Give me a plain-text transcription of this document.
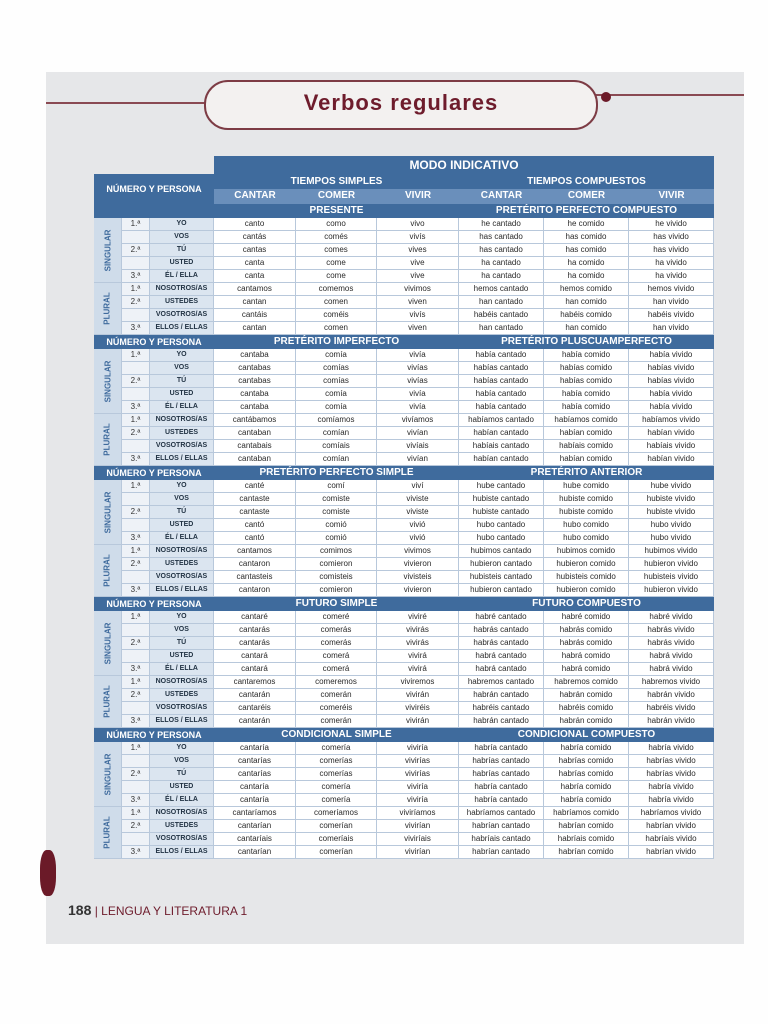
Verbos regulares
MODO INDICATIVO
NÚMERO Y PERSONA
TIEMPOS SIMPLES
CANTAR	COMER	VIVIR
TIEMPOS COMPUESTOS
CANTAR	COMER	VIVIR
PRESENTE	PRETÉRITO PERFECTO COMPUESTO
SINGULAR
PLURAL
1.ª	YO	canto	como	vivo	he cantado	he comido	he vivido
VOS	cantás	comés	vivís	has cantado	has comido	has vivido
2.ª	TÚ	cantas	comes	vives	has cantado	has comido	has vivido
USTED	canta	come	vive	ha cantado	ha comido	ha vivido
3.ª	ÉL / ELLA	canta	come	vive	ha cantado	ha comido	ha vivido
1.ª	NOSOTROS/AS	cantamos	comemos	vivimos	hemos cantado	hemos comido	hemos vivido
2.ª	USTEDES	cantan	comen	viven	han cantado	han comido	han vivido
VOSOTROS/AS	cantáis	coméis	vivís	habéis cantado	habéis comido	habéis vivido
3.ª	ELLOS / ELLAS	cantan	comen	viven	han cantado	han comido	han vivido
NÚMERO Y PERSONA	PRETÉRITO IMPERFECTO	PRETÉRITO PLUSCUAMPERFECTO
SINGULAR
PLURAL
1.ª	YO	cantaba	comía	vivía	había cantado	había comido	había vivido
VOS	cantabas	comías	vivías	habías cantado	habías comido	habías vivido
2.ª	TÚ	cantabas	comías	vivías	habías cantado	habías comido	habías vivido
USTED	cantaba	comía	vivía	había cantado	había comido	había vivido
3.ª	ÉL / ELLA	cantaba	comía	vivía	había cantado	había comido	había vivido
1.ª	NOSOTROS/AS	cantábamos	comíamos	vivíamos	habíamos cantado	habíamos comido	habíamos vivido
2.ª	USTEDES	cantaban	comían	vivían	habían cantado	habían comido	habían vivido
VOSOTROS/AS	cantabais	comíais	vivíais	habíais cantado	habíais comido	habíais vivido
3.ª	ELLOS / ELLAS	cantaban	comían	vivían	habían cantado	habían comido	habían vivido
NÚMERO Y PERSONA	PRETÉRITO PERFECTO SIMPLE	PRETÉRITO ANTERIOR
SINGULAR
PLURAL
1.ª	YO	canté	comí	viví	hube cantado	hube comido	hube vivido
VOS	cantaste	comiste	viviste	hubiste cantado	hubiste comido	hubiste vivido
2.ª	TÚ	cantaste	comiste	viviste	hubiste cantado	hubiste comido	hubiste vivido
USTED	cantó	comió	vivió	hubo cantado	hubo comido	hubo vivido
3.ª	ÉL / ELLA	cantó	comió	vivió	hubo cantado	hubo comido	hubo vivido
1.ª	NOSOTROS/AS	cantamos	comimos	vivimos	hubimos cantado	hubimos comido	hubimos vivido
2.ª	USTEDES	cantaron	comieron	vivieron	hubieron cantado	hubieron comido	hubieron vivido
VOSOTROS/AS	cantasteis	comisteis	vivisteis	hubisteis cantado	hubisteis comido	hubisteis vivido
3.ª	ELLOS / ELLAS	cantaron	comieron	vivieron	hubieron cantado	hubieron comido	hubieron vivido
NÚMERO Y PERSONA	FUTURO SIMPLE	FUTURO COMPUESTO
SINGULAR
PLURAL
1.ª	YO	cantaré	comeré	viviré	habré cantado	habré comido	habré vivido
VOS	cantarás	comerás	vivirás	habrás cantado	habrás comido	habrás vivido
2.ª	TÚ	cantarás	comerás	vivirás	habrás cantado	habrás comido	habrás vivido
USTED	cantará	comerá	vivirá	habrá cantado	habrá comido	habrá vivido
3.ª	ÉL / ELLA	cantará	comerá	vivirá	habrá cantado	habrá comido	habrá vivido
1.ª	NOSOTROS/AS	cantaremos	comeremos	viviremos	habremos cantado	habremos comido	habremos vivido
2.ª	USTEDES	cantarán	comerán	vivirán	habrán cantado	habrán comido	habrán vivido
VOSOTROS/AS	cantaréis	comeréis	viviréis	habréis cantado	habréis comido	habréis vivido
3.ª	ELLOS / ELLAS	cantarán	comerán	vivirán	habrán cantado	habrán comido	habrán vivido
NÚMERO Y PERSONA	CONDICIONAL SIMPLE	CONDICIONAL COMPUESTO
SINGULAR
PLURAL
1.ª	YO	cantaría	comería	viviría	habría cantado	habría comido	habría vivido
VOS	cantarías	comerías	vivirías	habrías cantado	habrías comido	habrías vivido
2.ª	TÚ	cantarías	comerías	vivirías	habrías cantado	habrías comido	habrías vivido
USTED	cantaría	comería	viviría	habría cantado	habría comido	habría vivido
3.ª	ÉL / ELLA	cantaría	comería	viviría	habría cantado	habría comido	habría vivido
1.ª	NOSOTROS/AS	cantaríamos	comeríamos	viviríamos	habríamos cantado	habríamos comido	habríamos vivido
2.ª	USTEDES	cantarían	comerían	vivirían	habrían cantado	habrían comido	habrían vivido
VOSOTROS/AS	cantaríais	comeríais	viviríais	habríais cantado	habríais comido	habríais vivido
3.ª	ELLOS / ELLAS	cantarían	comerían	vivirían	habrían cantado	habrían comido	habrían vivido
188 | LENGUA Y LITERATURA 1
